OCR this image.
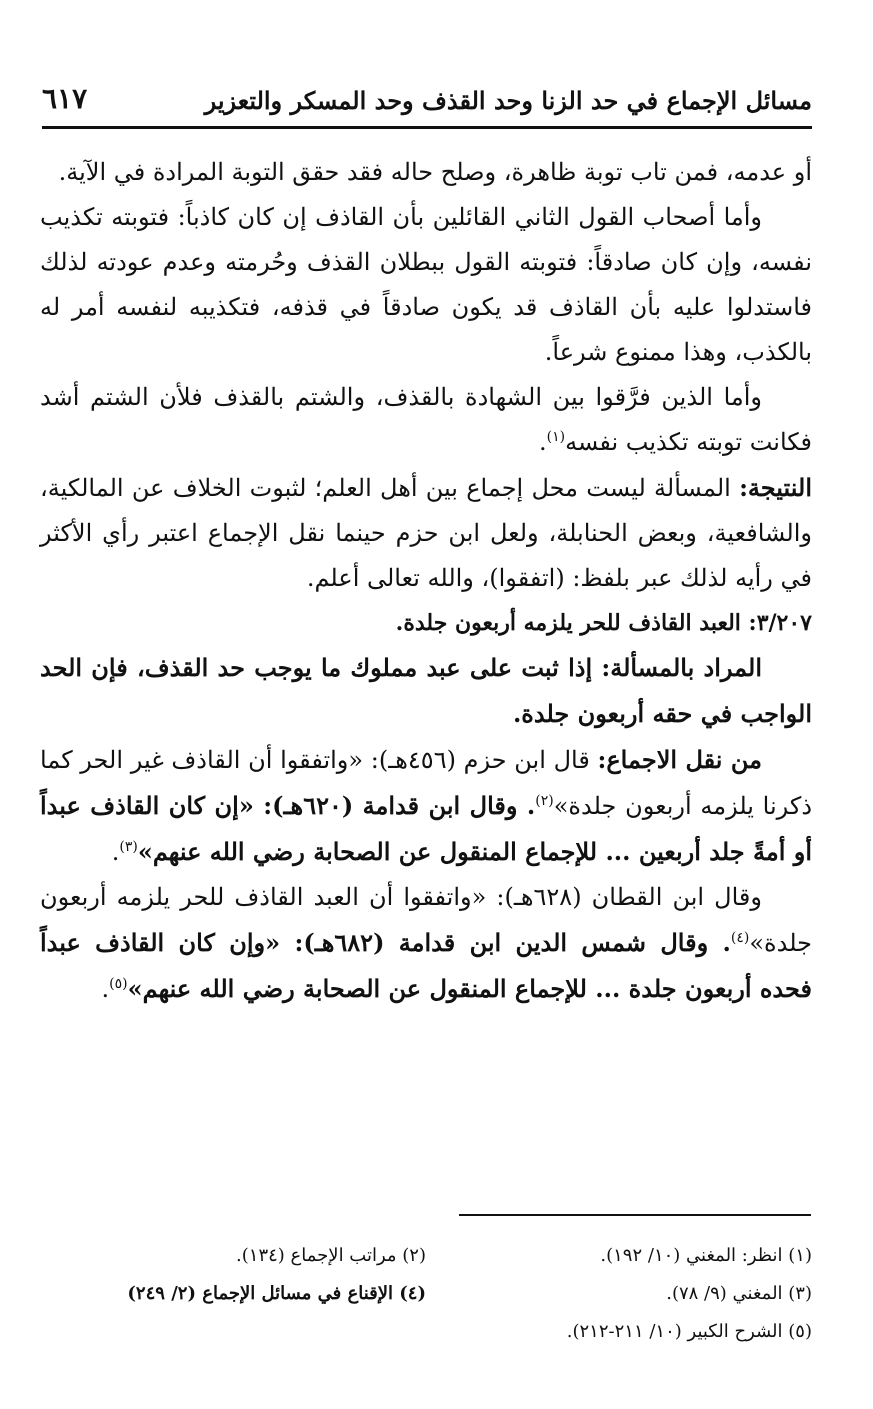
مسائل الإجماع في حد الزنا وحد القذف وحد المسكر والتعزير
٦١٧

أو عدمه، فمن تاب توبة ظاهرة، وصلح حاله فقد حقق التوبة المرادة في الآية.

وأما أصحاب القول الثاني القائلين بأن القاذف إن كان كاذباً: فتوبته تكذيب نفسه، وإن كان صادقاً: فتوبته القول ببطلان القذف وحُرمته وعدم عودته لذلك فاستدلوا عليه بأن القاذف قد يكون صادقاً في قذفه، فتكذيبه لنفسه أمر له بالكذب، وهذا ممنوع شرعاً.

وأما الذين فرَّقوا بين الشهادة بالقذف، والشتم بالقذف فلأن الشتم أشد فكانت توبته تكذيب نفسه$^{(١)}$.

النتيجة: المسألة ليست محل إجماع بين أهل العلم؛ لثبوت الخلاف عن المالكية، والشافعية، وبعض الحنابلة، ولعل ابن حزم حينما نقل الإجماع اعتبر رأي الأكثر في رأيه لذلك عبر بلفظ: (اتفقوا)، والله تعالى أعلم.

٣/٢٠٧: العبد القاذف للحر يلزمه أربعون جلدة.

المراد بالمسألة: إذا ثبت على عبد مملوك ما يوجب حد القذف، فإن الحد الواجب في حقه أربعون جلدة.

من نقل الاجماع: قال ابن حزم (٤٥٦هـ): «واتفقوا أن القاذف غير الحر كما ذكرنا يلزمه أربعون جلدة»$^{(٢)}$. وقال ابن قدامة (٦٢٠هـ): «إن كان القاذف عبداً أو أمةً جلد أربعين ... للإجماع المنقول عن الصحابة رضي الله عنهم»$^{(٣)}$.

وقال ابن القطان (٦٢٨هـ): «واتفقوا أن العبد القاذف للحر يلزمه أربعون جلدة»$^{(٤)}$. وقال شمس الدين ابن قدامة (٦٨٢هـ): «وإن كان القاذف عبداً فحده أربعون جلدة ... للإجماع المنقول عن الصحابة رضي الله عنهم»$^{(٥)}$.

(١) انظر: المغني (١٠/ ١٩٢).
(٢) مراتب الإجماع (١٣٤).
(٣) المغني (٩/ ٧٨).
(٤) الإقناع في مسائل الإجماع (٢/ ٢٤٩)
(٥) الشرح الكبير (١٠/ ٢١١-٢١٢).
